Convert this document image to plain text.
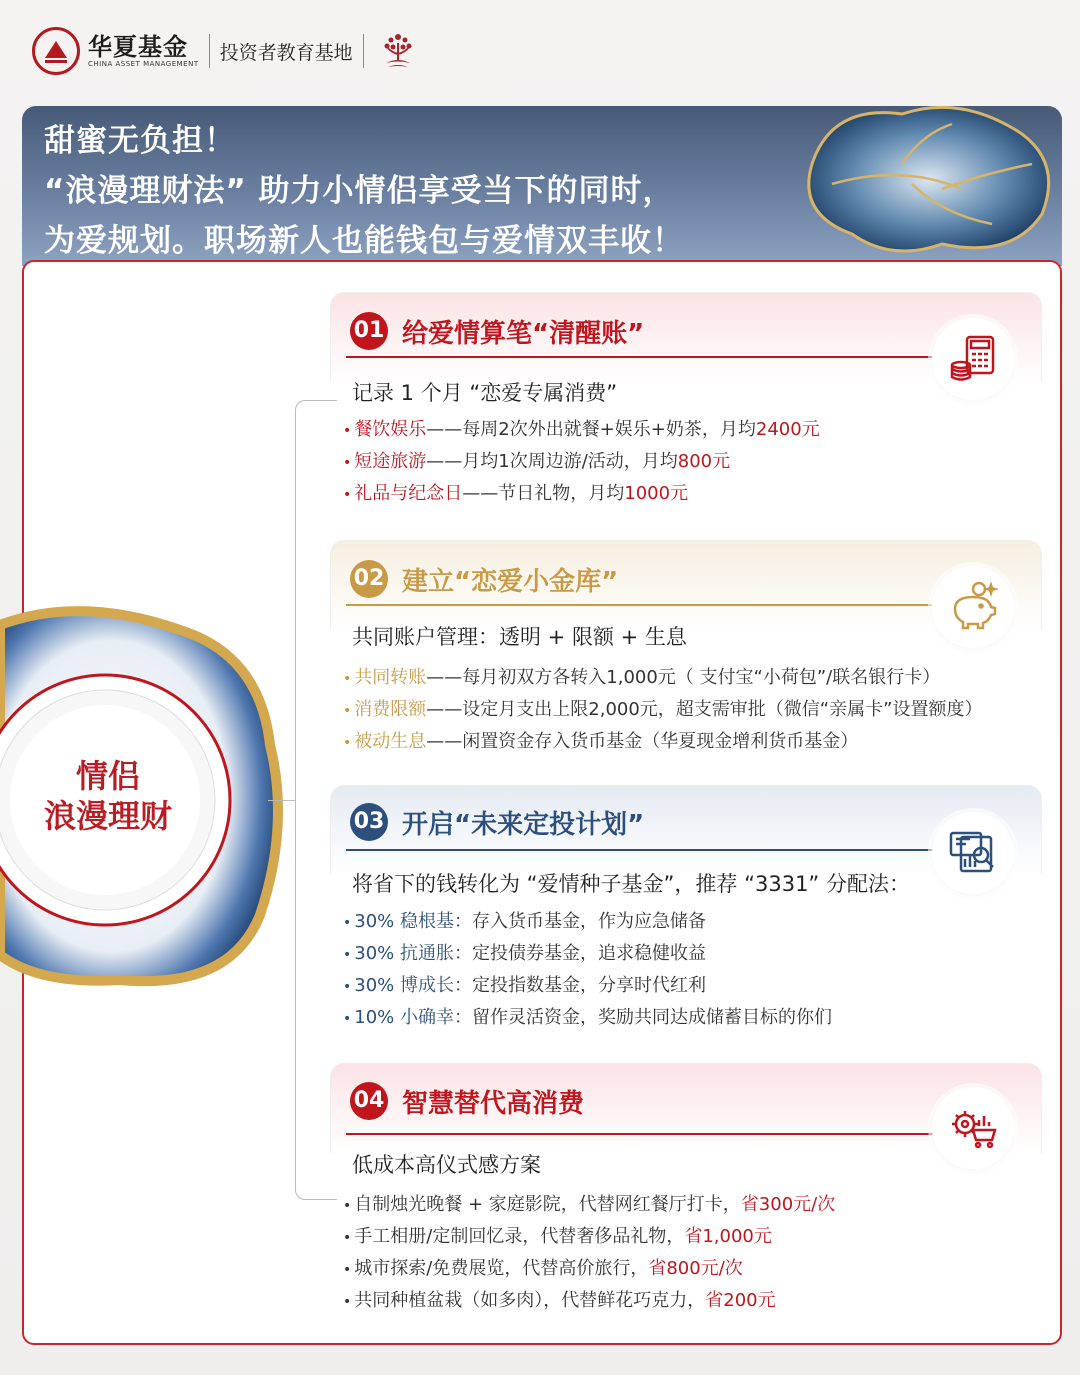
华夏基金
CHINA ASSET MANAGEMENT
投资者教育基地
甜蜜无负担！
“浪漫理财法” 助力小情侣享受当下的同时，
为爱规划。职场新人也能钱包与爱情双丰收！
情侣
浪漫理财
01 给爱情算笔“清醒账”
记录 1 个月 “恋爱专属消费”
• 餐饮娱乐——每周2次外出就餐+娱乐+奶茶，月均2400元
• 短途旅游——月均1次周边游/活动，月均800元
• 礼品与纪念日——节日礼物，月均1000元
02 建立“恋爱小金库”
共同账户管理：透明 + 限额 + 生息
• 共同转账——每月初双方各转入1,000元（ 支付宝“小荷包”/联名银行卡）
• 消费限额——设定月支出上限2,000元，超支需审批（微信“亲属卡”设置额度）
• 被动生息——闲置资金存入货币基金（华夏现金增利货币基金）
03 开启“未来定投计划”
将省下的钱转化为 “爱情种子基金”，推荐 “3331” 分配法：
• 30% 稳根基：存入货币基金，作为应急储备
• 30% 抗通胀：定投债券基金，追求稳健收益
• 30% 博成长：定投指数基金，分享时代红利
• 10% 小确幸：留作灵活资金，奖励共同达成储蓄目标的你们
04 智慧替代高消费
低成本高仪式感方案
• 自制烛光晚餐 + 家庭影院，代替网红餐厅打卡，省300元/次
• 手工相册/定制回忆录，代替奢侈品礼物，省1,000元
• 城市探索/免费展览，代替高价旅行，省800元/次
• 共同种植盆栽（如多肉），代替鲜花巧克力，省200元
